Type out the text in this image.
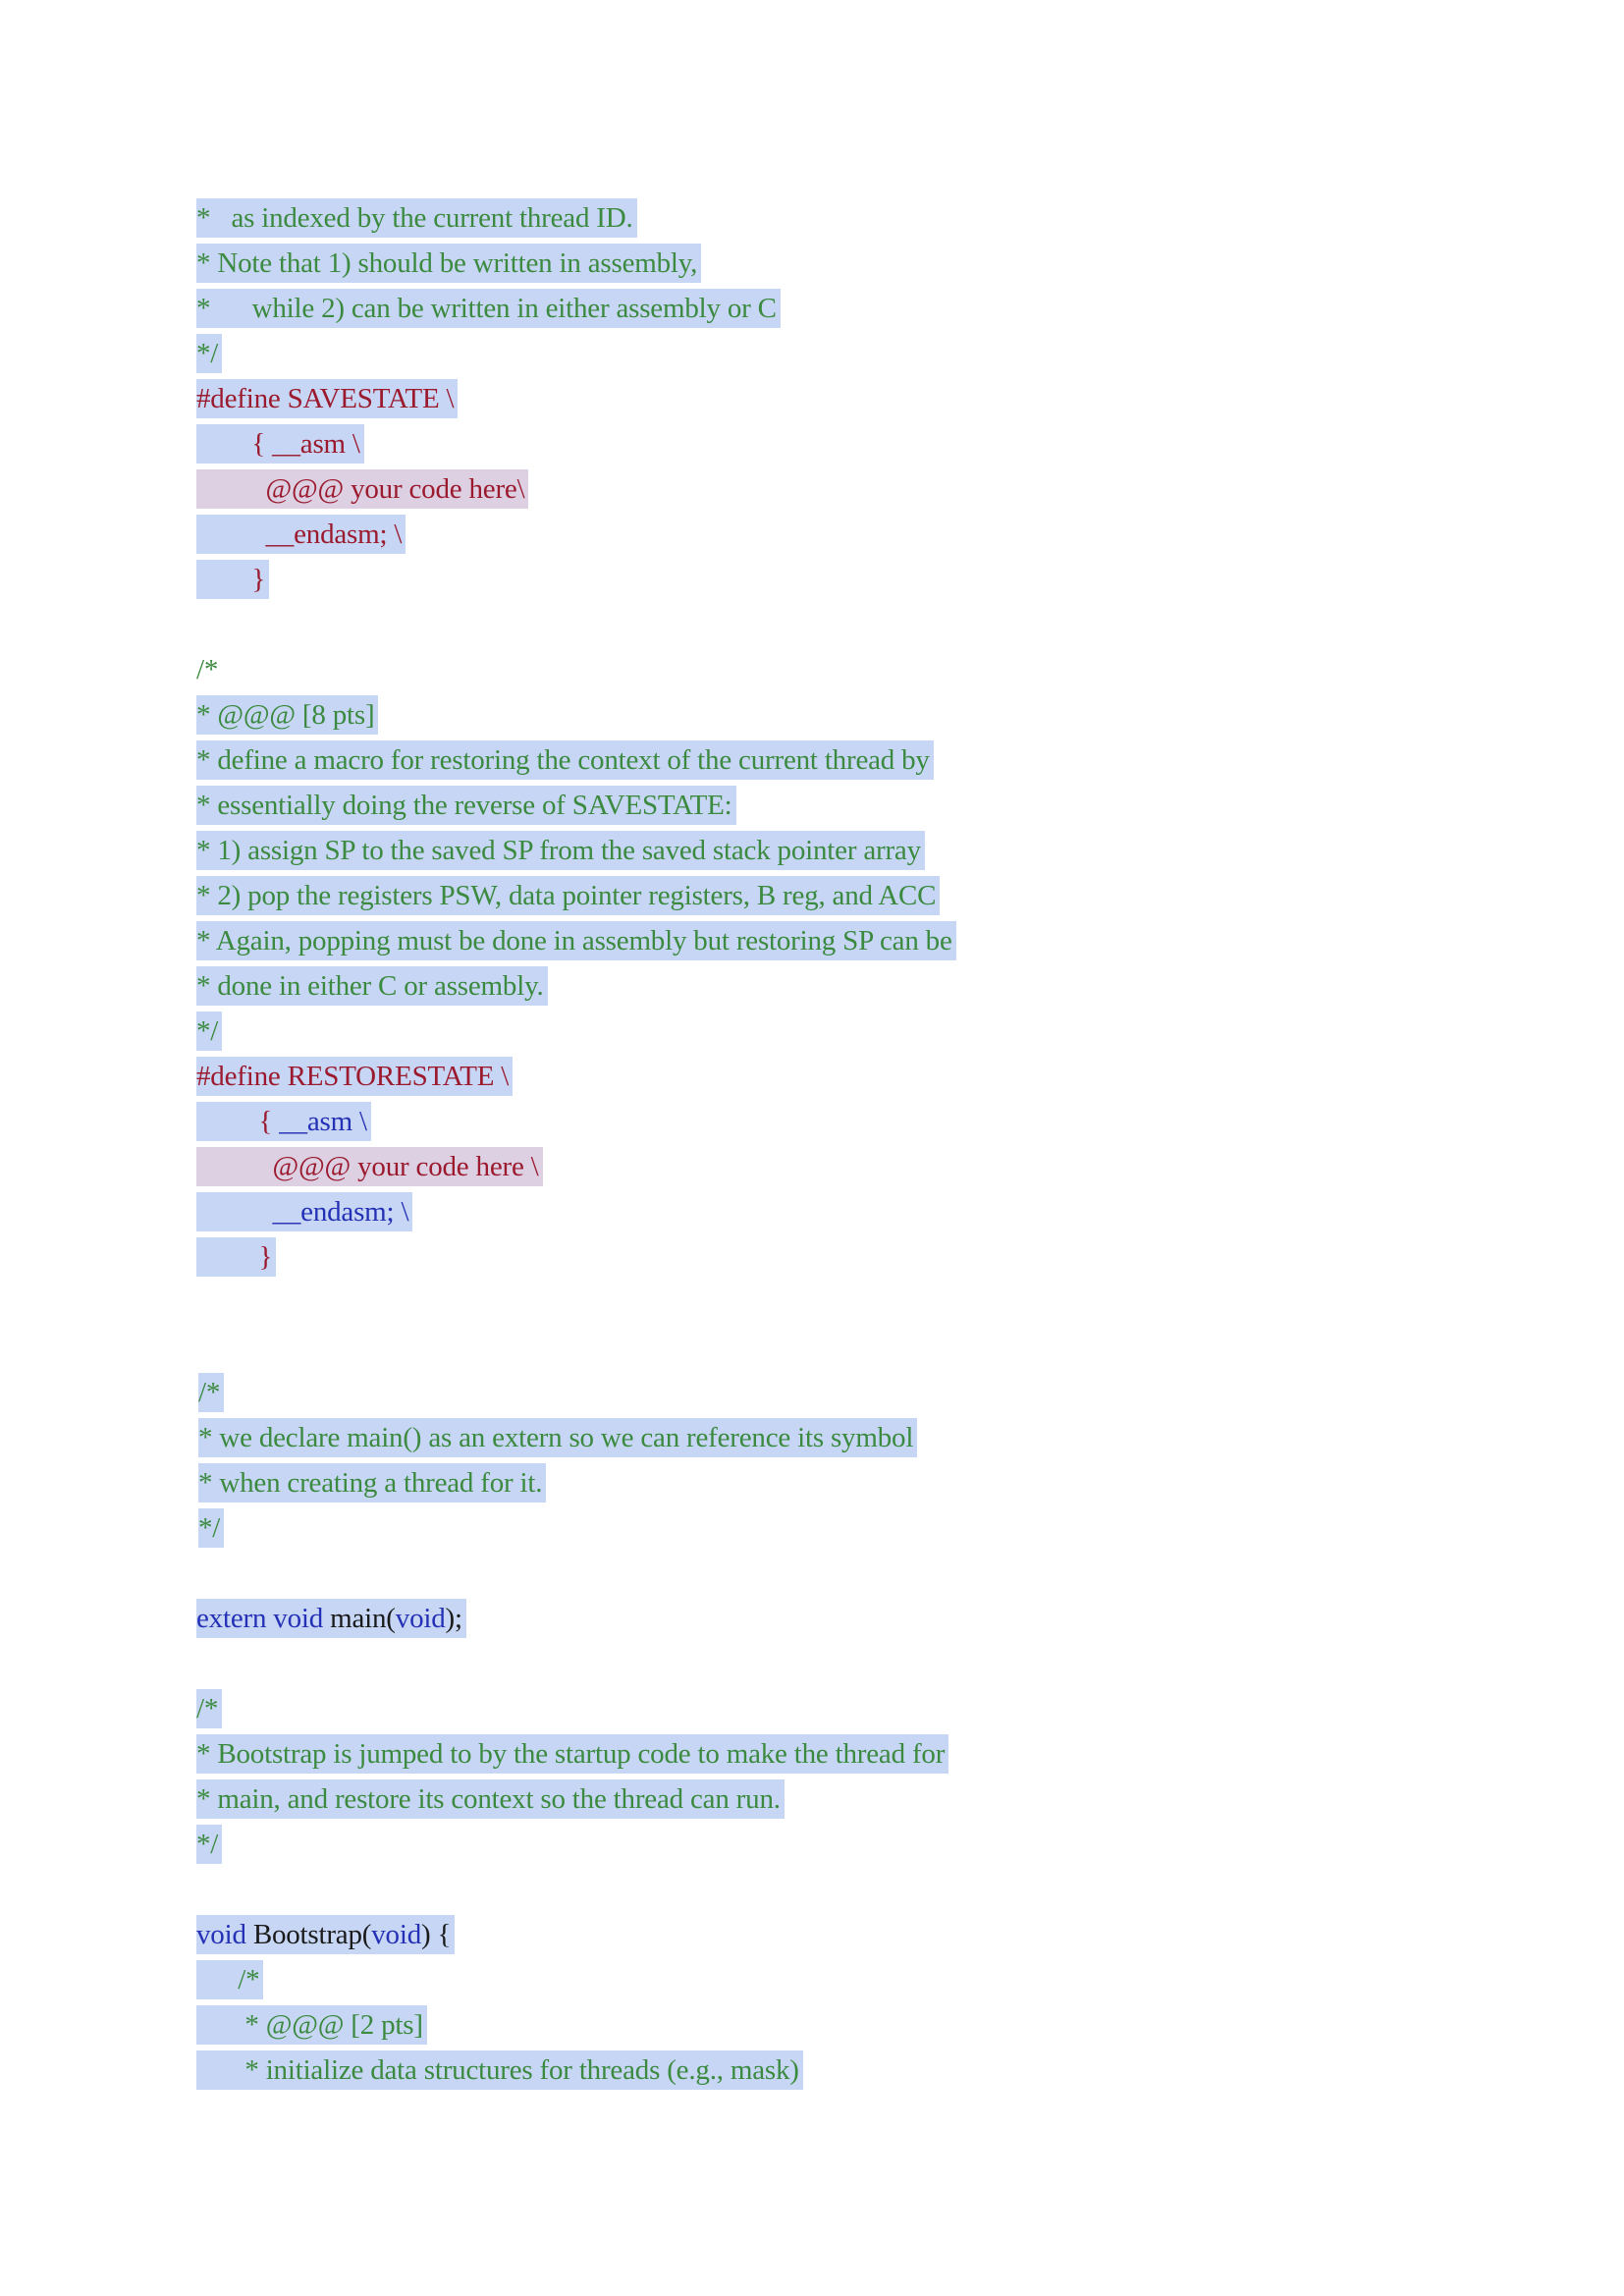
*   as indexed by the current thread ID.
* Note that 1) should be written in assembly,
*      while 2) can be written in either assembly or C
*/
#define SAVESTATE \
{ __asm \
@@@ your code here\
__endasm; \
}
/*
* @@@ [8 pts]
* define a macro for restoring the context of the current thread by
* essentially doing the reverse of SAVESTATE:
* 1) assign SP to the saved SP from the saved stack pointer array
* 2) pop the registers PSW, data pointer registers, B reg, and ACC
* Again, popping must be done in assembly but restoring SP can be
* done in either C or assembly.
*/
#define RESTORESTATE \
{ __asm \
@@@ your code here \
__endasm; \
}
/*
* we declare main() as an extern so we can reference its symbol
* when creating a thread for it.
*/
extern void main(void);
/*
* Bootstrap is jumped to by the startup code to make the thread for
* main, and restore its context so the thread can run.
*/
void Bootstrap(void) {
/*
* @@@ [2 pts]
* initialize data structures for threads (e.g., mask)
